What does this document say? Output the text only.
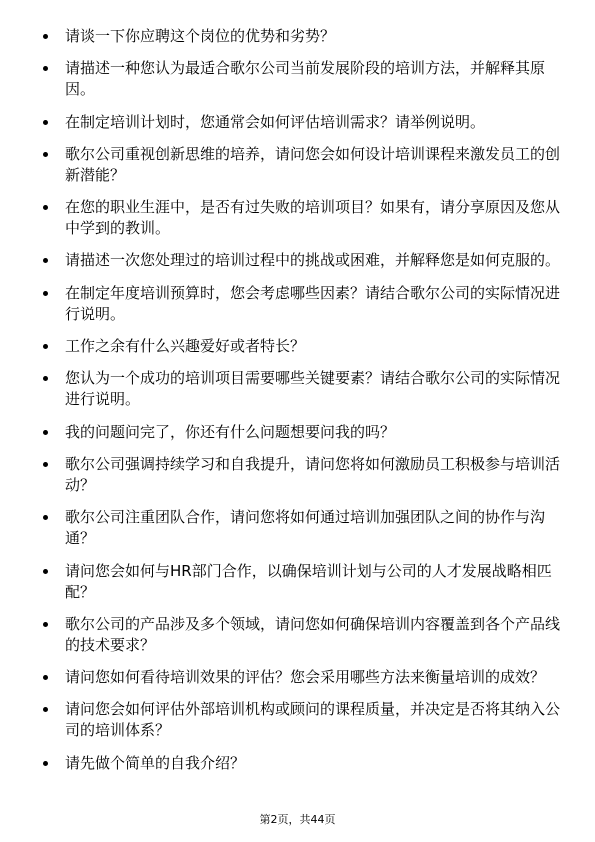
请谈一下你应聘这个岗位的优势和劣势？
请描述一种您认为最适合歌尔公司当前发展阶段的培训方法，并解释其原因。
在制定培训计划时，您通常会如何评估培训需求？请举例说明。
歌尔公司重视创新思维的培养，请问您会如何设计培训课程来激发员工的创新潜能？
在您的职业生涯中，是否有过失败的培训项目？如果有，请分享原因及您从中学到的教训。
请描述一次您处理过的培训过程中的挑战或困难，并解释您是如何克服的。
在制定年度培训预算时，您会考虑哪些因素？请结合歌尔公司的实际情况进行说明。
工作之余有什么兴趣爱好或者特长？
您认为一个成功的培训项目需要哪些关键要素？请结合歌尔公司的实际情况进行说明。
我的问题问完了，你还有什么问题想要问我的吗？
歌尔公司强调持续学习和自我提升，请问您将如何激励员工积极参与培训活动？
歌尔公司注重团队合作，请问您将如何通过培训加强团队之间的协作与沟通？
请问您会如何与HR部门合作，以确保培训计划与公司的人才发展战略相匹配？
歌尔公司的产品涉及多个领域，请问您如何确保培训内容覆盖到各个产品线的技术要求？
请问您如何看待培训效果的评估？您会采用哪些方法来衡量培训的成效？
请问您会如何评估外部培训机构或顾问的课程质量，并决定是否将其纳入公司的培训体系？
请先做个简单的自我介绍？
第2页，共44页
